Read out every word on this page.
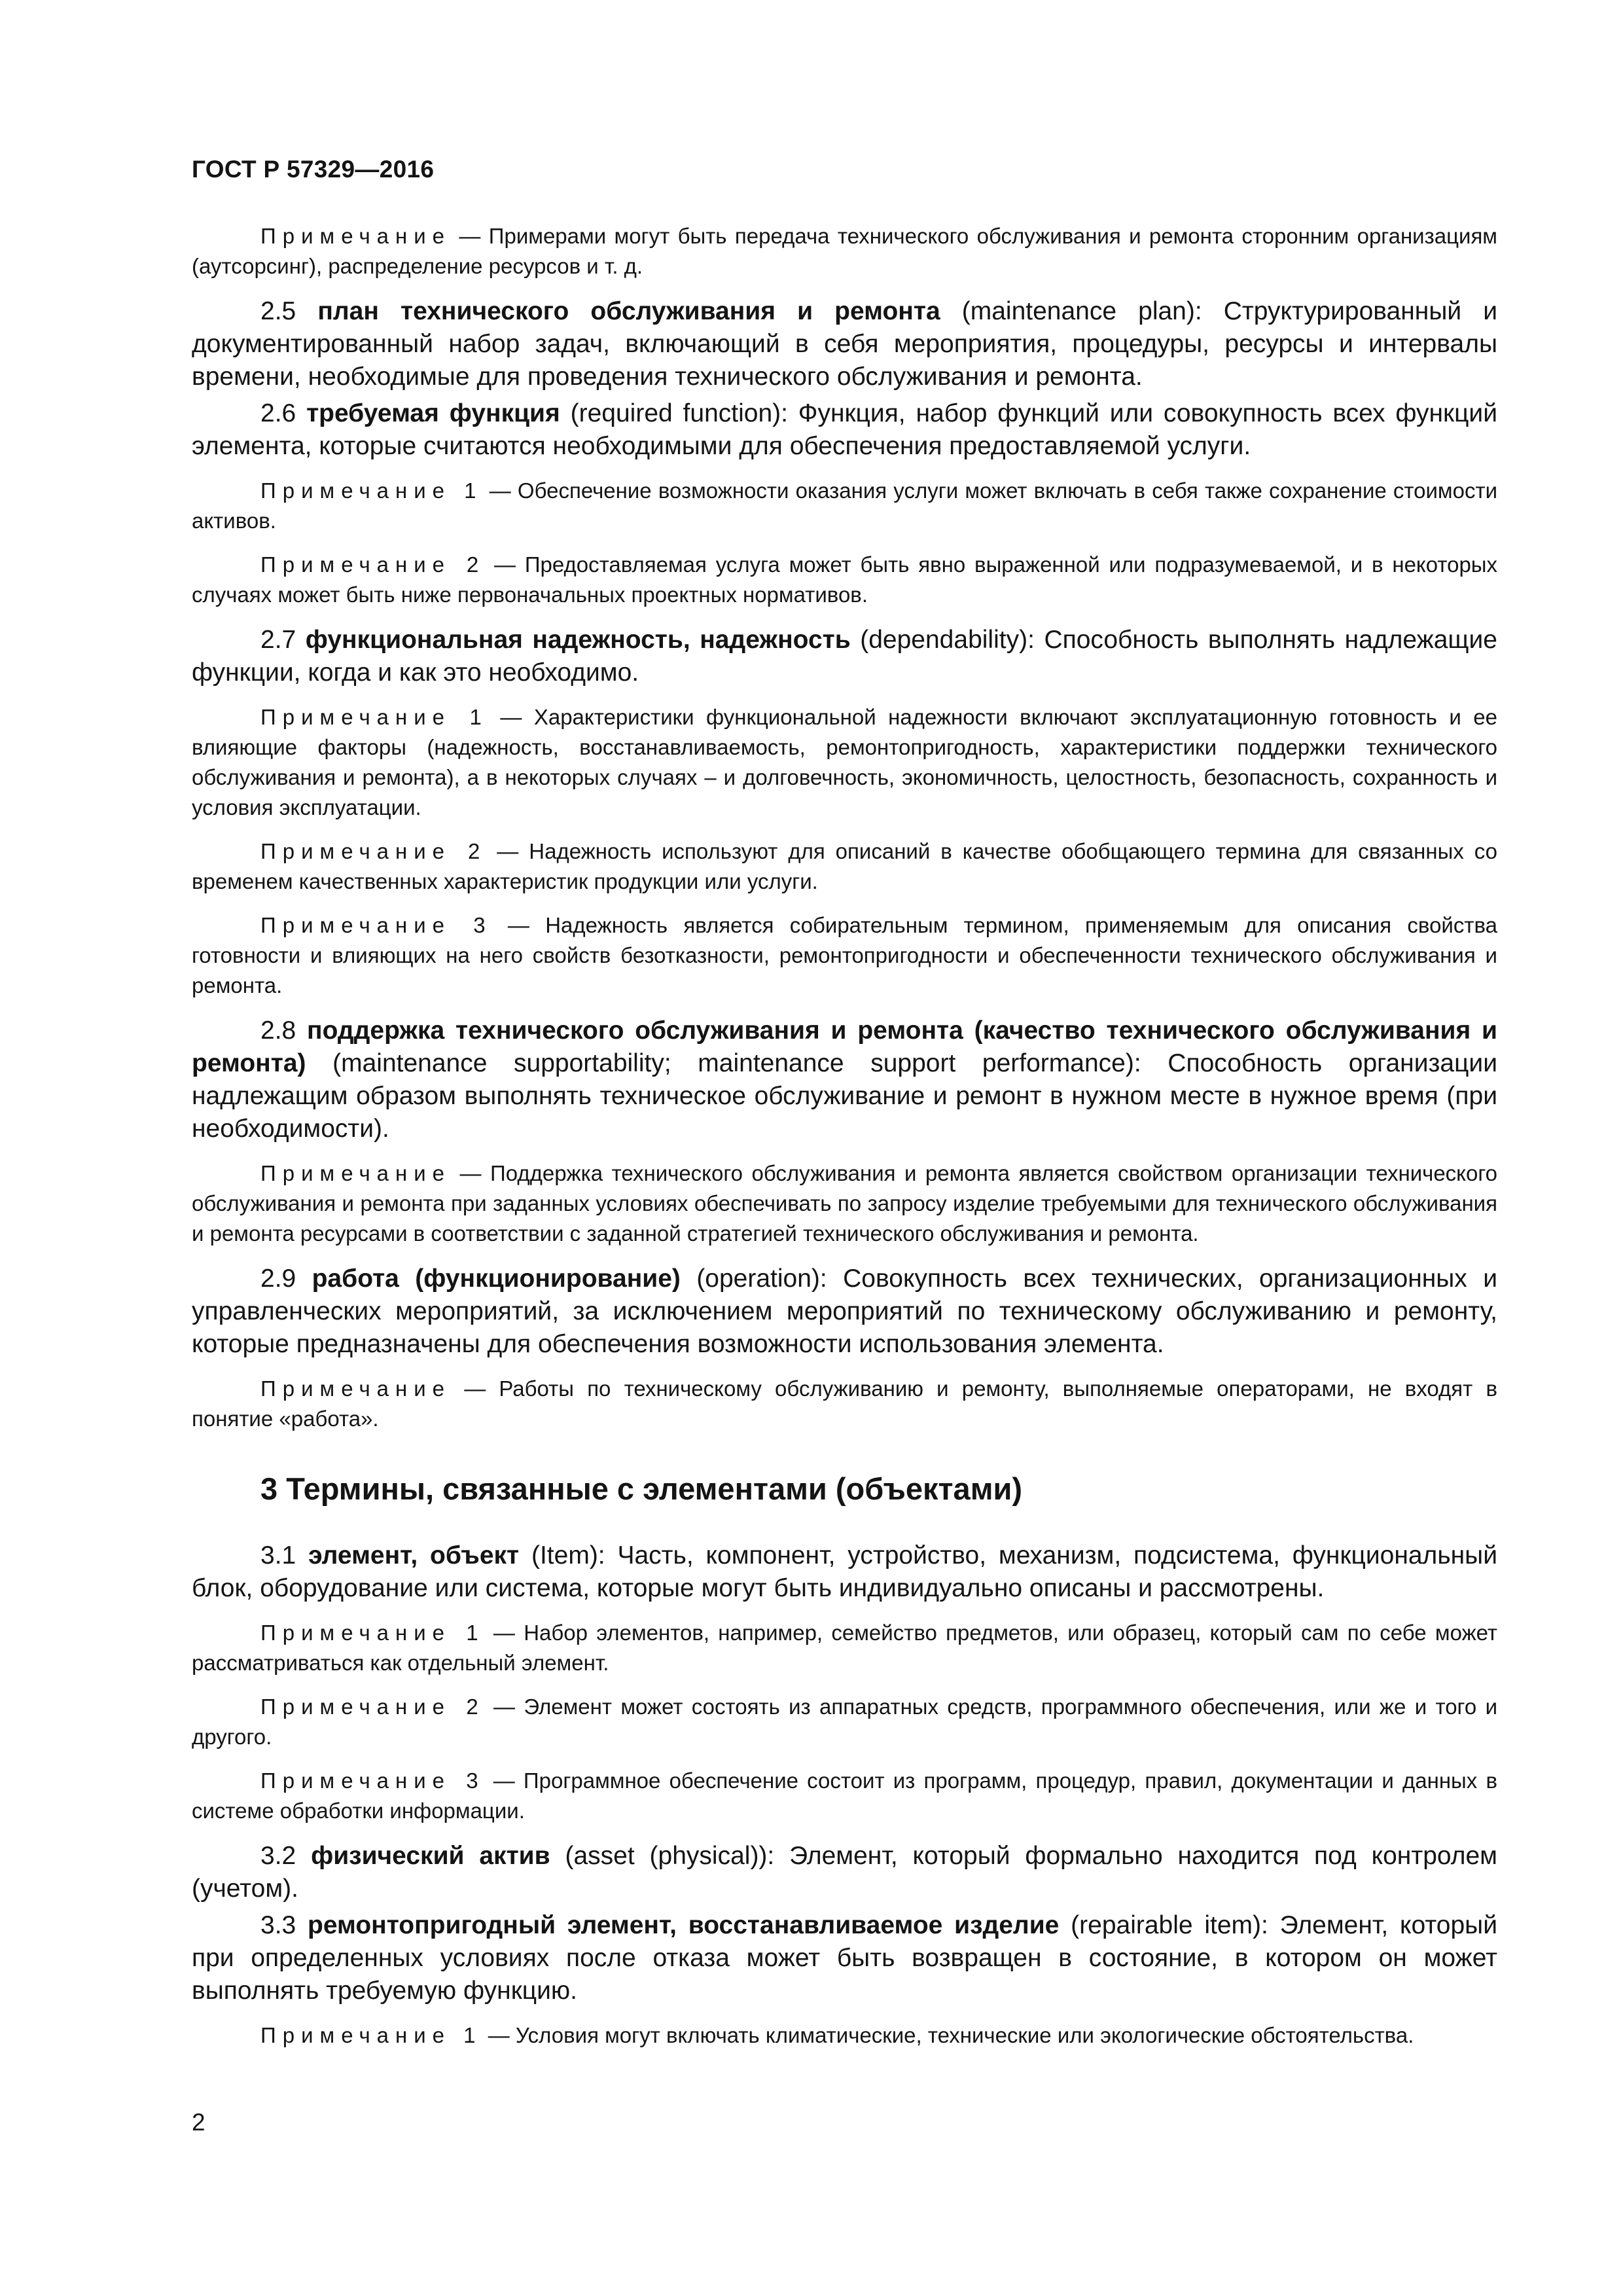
ГОСТ Р 57329—2016

Примечание — Примерами могут быть передача технического обслуживания и ремонта сторонним организациям (аутсорсинг), распределение ресурсов и т. д.

2.5 план технического обслуживания и ремонта (maintenance plan): Структурированный и документированный набор задач, включающий в себя мероприятия, процедуры, ресурсы и интервалы времени, необходимые для проведения технического обслуживания и ремонта.

2.6 требуемая функция (required function): Функция, набор функций или совокупность всех функций элемента, которые считаются необходимыми для обеспечения предоставляемой услуги.

Примечание 1 — Обеспечение возможности оказания услуги может включать в себя также сохранение стоимости активов.

Примечание 2 — Предоставляемая услуга может быть явно выраженной или подразумеваемой, и в некоторых случаях может быть ниже первоначальных проектных нормативов.

2.7 функциональная надежность, надежность (dependability): Способность выполнять надлежащие функции, когда и как это необходимо.

Примечание 1 — Характеристики функциональной надежности включают эксплуатационную готовность и ее влияющие факторы (надежность, восстанавливаемость, ремонтопригодность, характеристики поддержки технического обслуживания и ремонта), а в некоторых случаях – и долговечность, экономичность, целостность, безопасность, сохранность и условия эксплуатации.

Примечание 2 — Надежность используют для описаний в качестве обобщающего термина для связанных со временем качественных характеристик продукции или услуги.

Примечание 3 — Надежность является собирательным термином, применяемым для описания свойства готовности и влияющих на него свойств безотказности, ремонтопригодности и обеспеченности технического обслуживания и ремонта.

2.8 поддержка технического обслуживания и ремонта (качество технического обслуживания и ремонта) (maintenance supportability; maintenance support performance): Способность организации надлежащим образом выполнять техническое обслуживание и ремонт в нужном месте в нужное время (при необходимости).

Примечание — Поддержка технического обслуживания и ремонта является свойством организации технического обслуживания и ремонта при заданных условиях обеспечивать по запросу изделие требуемыми для технического обслуживания и ремонта ресурсами в соответствии с заданной стратегией технического обслуживания и ремонта.

2.9 работа (функционирование) (operation): Совокупность всех технических, организационных и управленческих мероприятий, за исключением мероприятий по техническому обслуживанию и ремонту, которые предназначены для обеспечения возможности использования элемента.

Примечание — Работы по техническому обслуживанию и ремонту, выполняемые операторами, не входят в понятие «работа».

3 Термины, связанные с элементами (объектами)

3.1 элемент, объект (Item): Часть, компонент, устройство, механизм, подсистема, функциональный блок, оборудование или система, которые могут быть индивидуально описаны и рассмотрены.

Примечание 1 — Набор элементов, например, семейство предметов, или образец, который сам по себе может рассматриваться как отдельный элемент.

Примечание 2 — Элемент может состоять из аппаратных средств, программного обеспечения, или же и того и другого.

Примечание 3 — Программное обеспечение состоит из программ, процедур, правил, документации и данных в системе обработки информации.

3.2 физический актив (asset (physical)): Элемент, который формально находится под контролем (учетом).

3.3 ремонтопригодный элемент, восстанавливаемое изделие (repairable item): Элемент, который при определенных условиях после отказа может быть возвращен в состояние, в котором он может выполнять требуемую функцию.

Примечание 1 — Условия могут включать климатические, технические или экологические обстоятельства.

2
